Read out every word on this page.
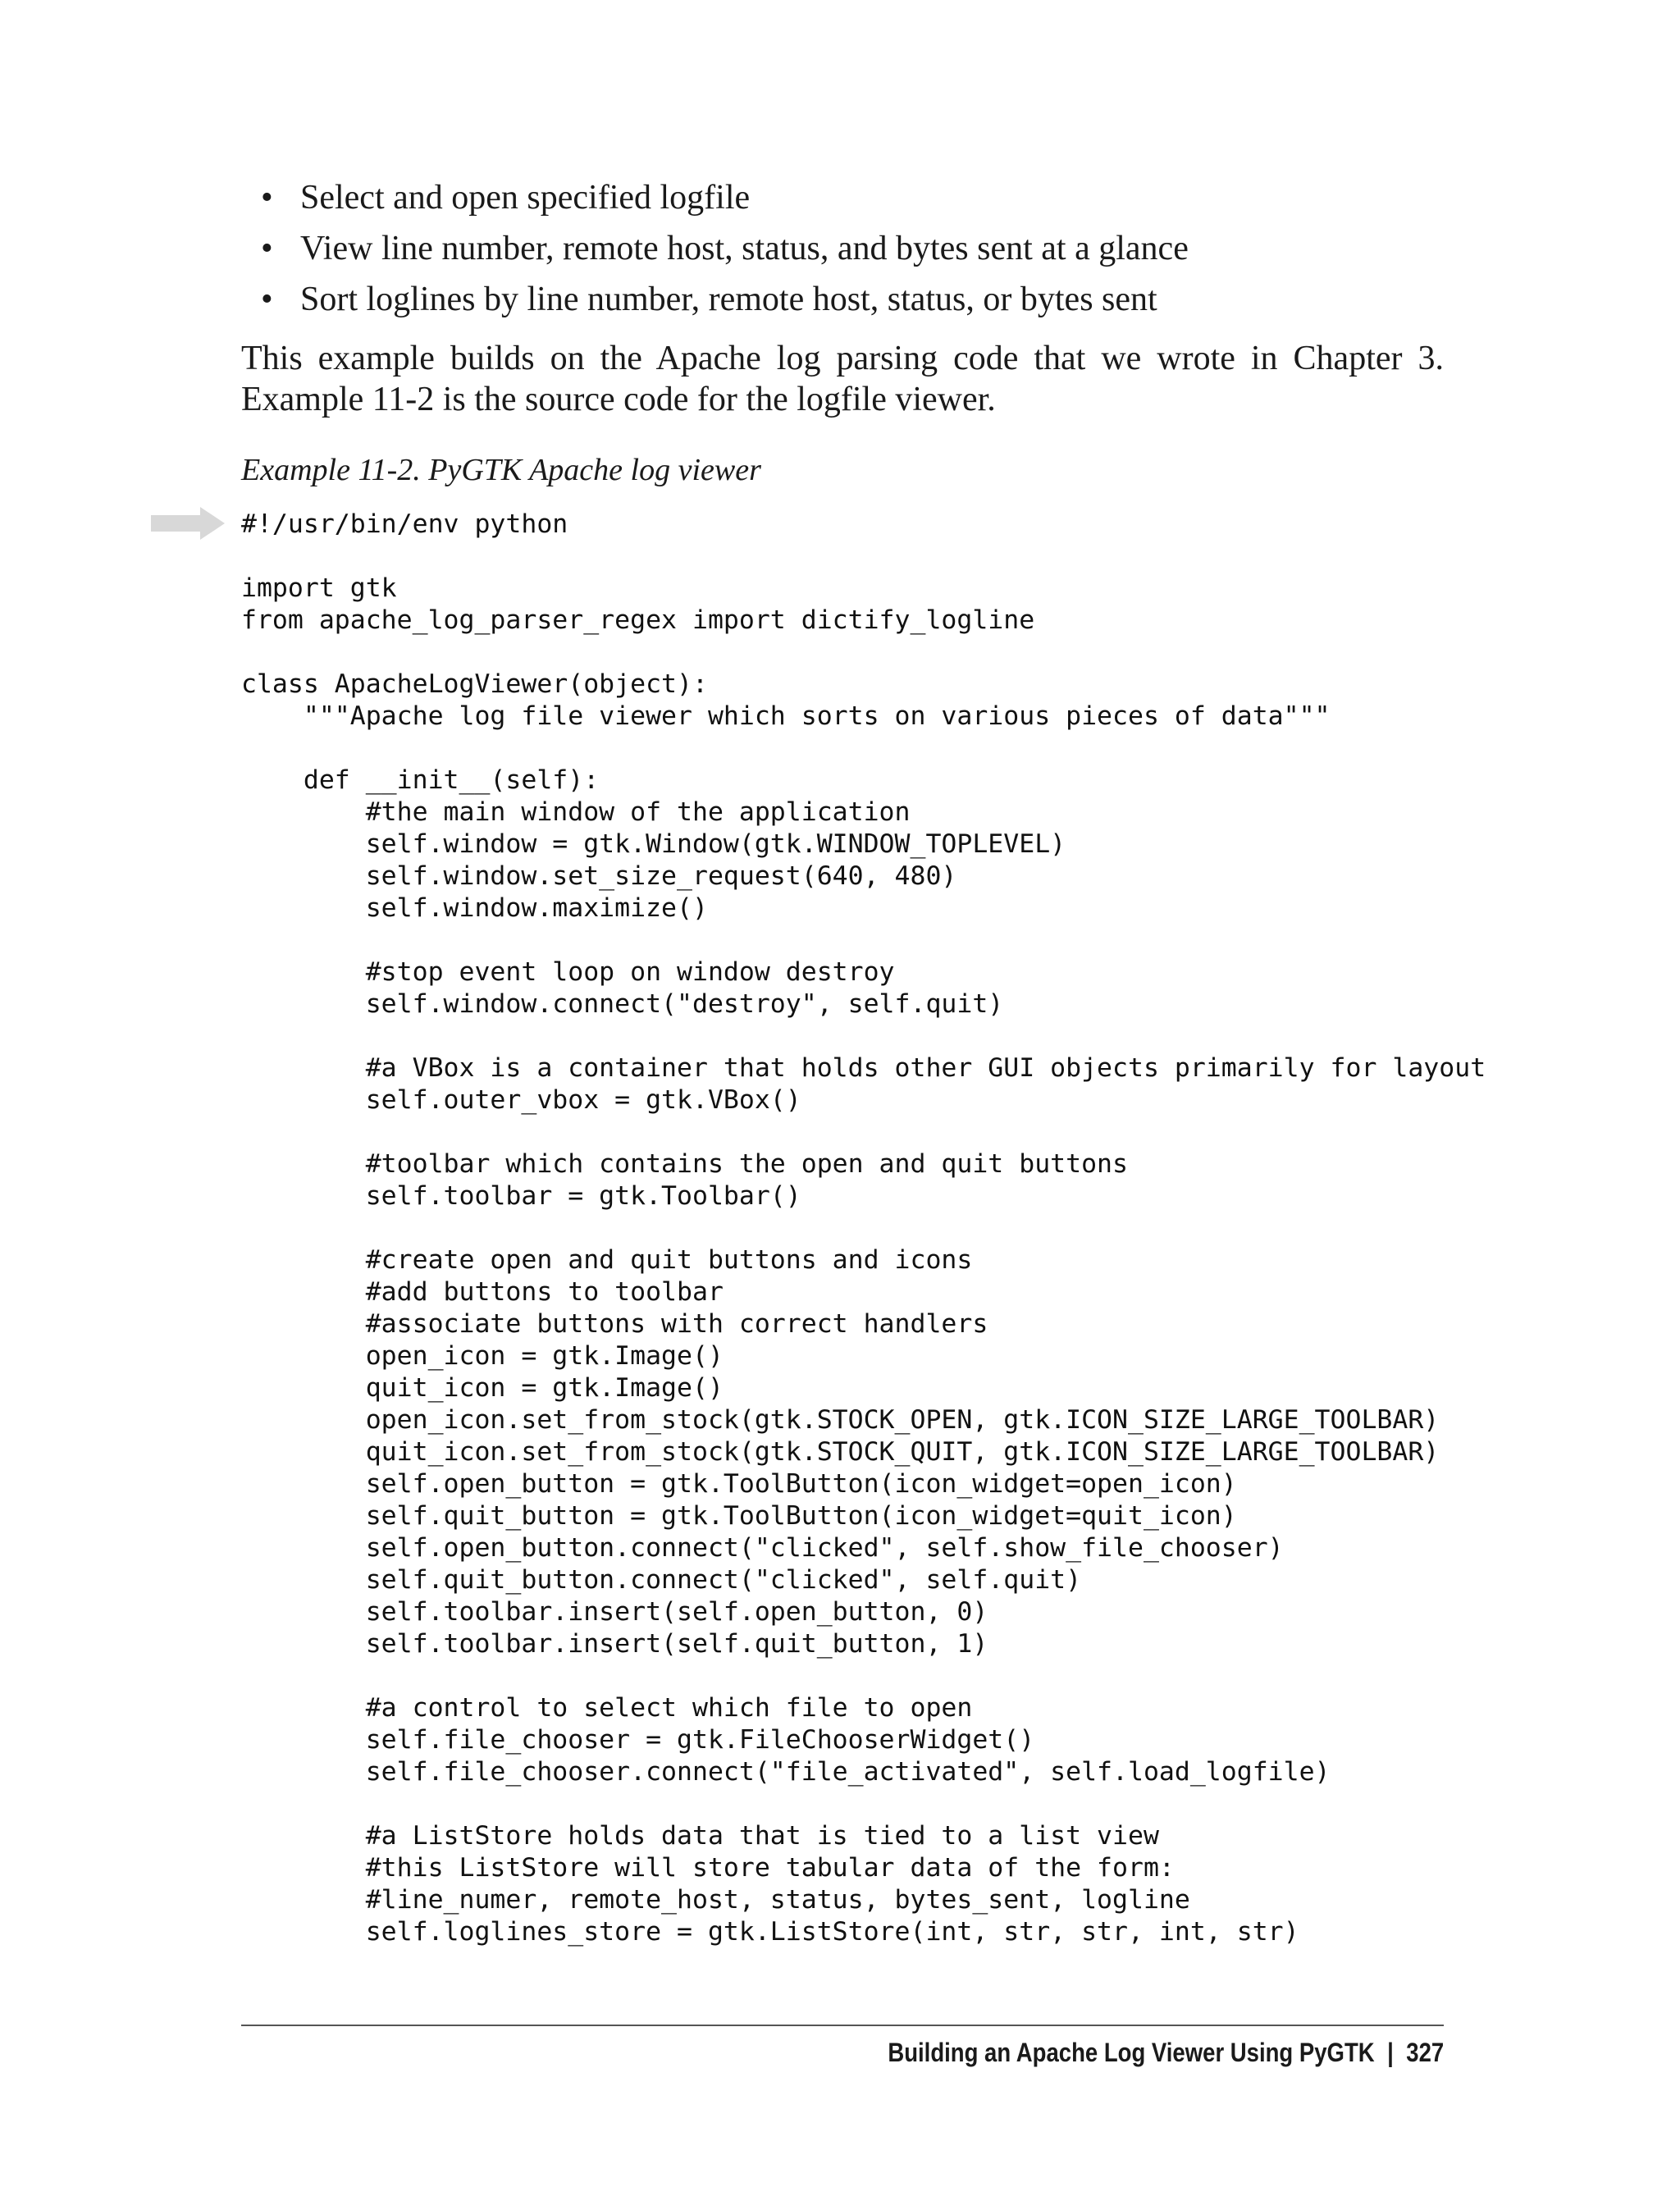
• Select and open specified logfile
• View line number, remote host, status, and bytes sent at a glance
• Sort loglines by line number, remote host, status, or bytes sent

This example builds on the Apache log parsing code that we wrote in Chapter 3. Example 11-2 is the source code for the logfile viewer.

Example 11-2. PyGTK Apache log viewer

#!/usr/bin/env python

import gtk
from apache_log_parser_regex import dictify_logline

class ApacheLogViewer(object):
"""Apache log file viewer which sorts on various pieces of data"""

def __init__(self):
#the main window of the application
self.window = gtk.Window(gtk.WINDOW_TOPLEVEL)
self.window.set_size_request(640, 480)
self.window.maximize()

#stop event loop on window destroy
self.window.connect("destroy", self.quit)

#a VBox is a container that holds other GUI objects primarily for layout
self.outer_vbox = gtk.VBox()

#toolbar which contains the open and quit buttons
self.toolbar = gtk.Toolbar()

#create open and quit buttons and icons
#add buttons to toolbar
#associate buttons with correct handlers
open_icon = gtk.Image()
quit_icon = gtk.Image()
open_icon.set_from_stock(gtk.STOCK_OPEN, gtk.ICON_SIZE_LARGE_TOOLBAR)
quit_icon.set_from_stock(gtk.STOCK_QUIT, gtk.ICON_SIZE_LARGE_TOOLBAR)
self.open_button = gtk.ToolButton(icon_widget=open_icon)
self.quit_button = gtk.ToolButton(icon_widget=quit_icon)
self.open_button.connect("clicked", self.show_file_chooser)
self.quit_button.connect("clicked", self.quit)
self.toolbar.insert(self.open_button, 0)
self.toolbar.insert(self.quit_button, 1)

#a control to select which file to open
self.file_chooser = gtk.FileChooserWidget()
self.file_chooser.connect("file_activated", self.load_logfile)

#a ListStore holds data that is tied to a list view
#this ListStore will store tabular data of the form:
#line_numer, remote_host, status, bytes_sent, logline
self.loglines_store = gtk.ListStore(int, str, str, int, str)
Building an Apache Log Viewer Using PyGTK | 327
